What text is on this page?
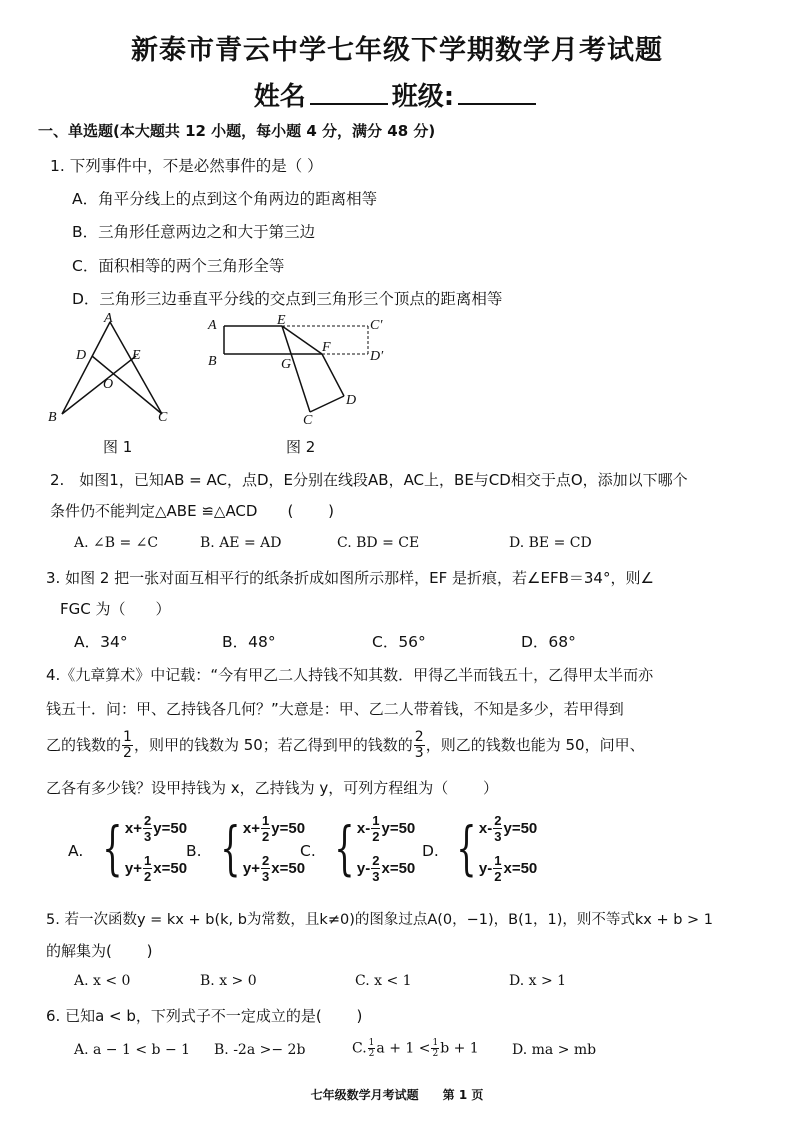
新泰市青云中学七年级下学期数学月考试题
姓名	班级:
一、单选题(本大题共 12 小题，每小题 4 分，满分 48 分)
1. 下列事件中，不是必然事件的是（ ）
A．角平分线上的点到这个角两边的距离相等
B．三角形任意两边之和大于第三边
C．面积相等的两个三角形全等
D．三角形三边垂直平分线的交点到三角形三个顶点的距离相等
A
D	E
O
B	C
图 1
A
B
E
G
F
C′
D′
C
D
图 2
2.　如图1，已知AB = AC，点D，E分别在线段AB，AC上，BE与CD相交于点O，添加以下哪个
条件仍不能判定△ABE ≌△ACD　　(　　 )
A. ∠B = ∠C	B. AE = AD	C. BD = CE	D. BE = CD
3. 如图 2 把一张对面互相平行的纸条折成如图所示那样，EF 是折痕，若∠EFB＝34°，则∠
FGC 为（　　）
A．34°	B．48°	C．56°	D．68°
4.《九章算术》中记载：“今有甲乙二人持钱不知其数．甲得乙半而钱五十，乙得甲太半而亦
钱五十．问：甲、乙持钱各几何？”大意是：甲、乙二人带着钱，不知是多少，若甲得到
乙的钱数的 $\frac{1}{2}$ ，则甲的钱数为 50；若乙得到甲的钱数的 $\frac{2}{3}$ ，则乙的钱数也能为 50，问甲、
乙各有多少钱？设甲持钱为 x，乙持钱为 y，可列方程组为（　　 ）
A.	B.	C.	D.
{ $x+ \frac{2}{3} y=50$
$y+ \frac{1}{2} x=50$ { $x+ \frac{1}{2} y=50$
$y+ \frac{2}{3} x=50$ { $x- \frac{1}{2} y=50$
$y- \frac{2}{3} x=50$ { $x- \frac{2}{3} y=50$
$y- \frac{1}{2} x=50$
5. 若一次函数y = kx + b(k, b为常数，且k≠0)的图象过点A(0，−1)，B(1，1)，则不等式kx + b > 1
的解集为(　　 )
A. x < 0	B. x > 0	C. x < 1	D. x > 1
6. 已知a < b，下列式子不一定成立的是(　　 )
A. a − 1 < b − 1 B. -2a >− 2b	C. $\frac{1}{2}$ $a + 1 < \frac{1}{2}$ b + 1 D. ma > mb
七年级数学月考试题　　第 1 页
